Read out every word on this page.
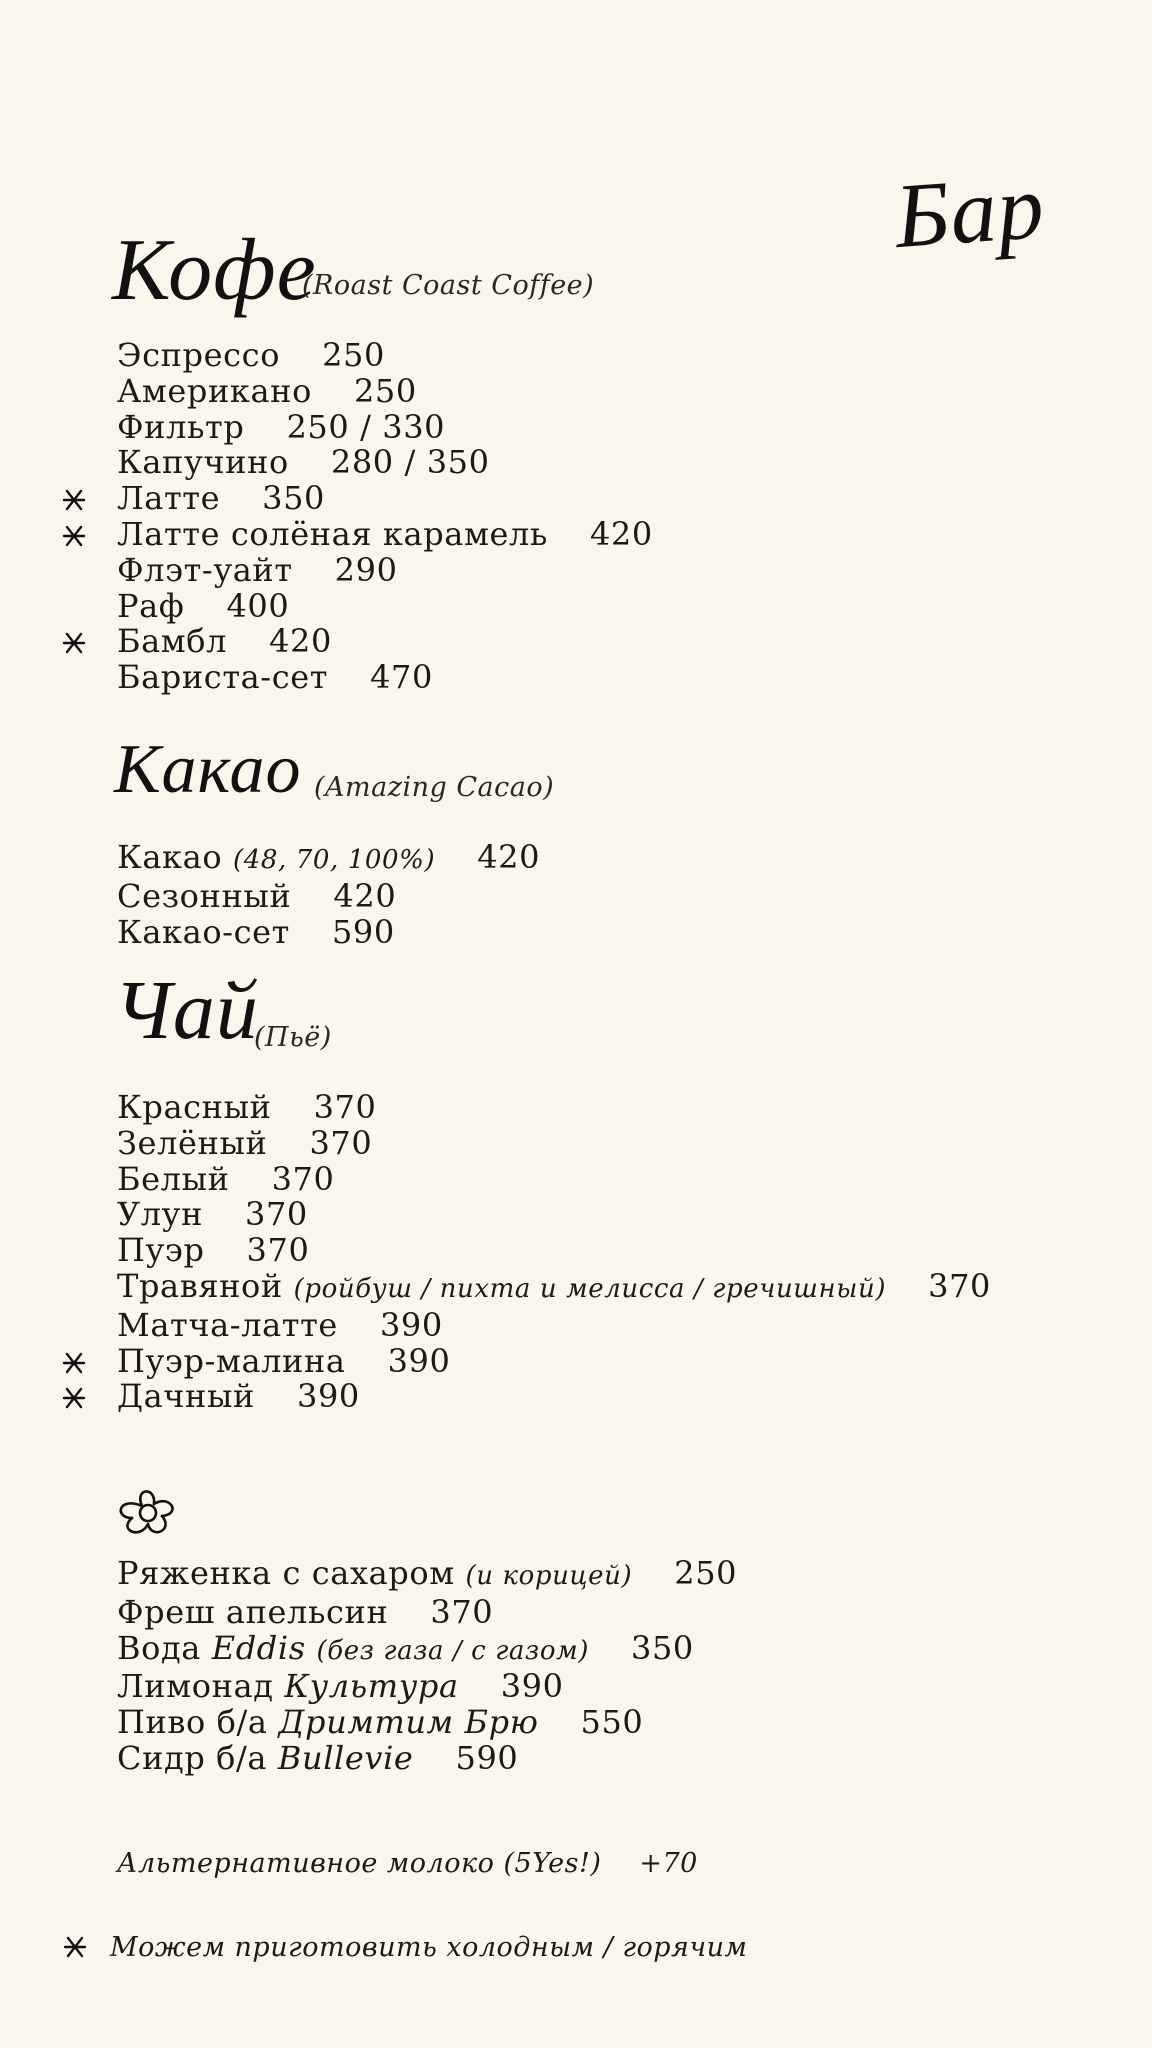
Бар
Кофе
(Roast Coast Coffee)
Эспрессо 250
Американо 250
Фильтр 250 / 330
Капучино 280 / 350
Латте 350
Латте солёная карамель 420
Флэт-уайт 290
Раф 400
Бамбл 420
Бариста-сет 470
Какао (Amazing Cacao)
Какао (48, 70, 100%) 420
Сезонный 420
Какао-сет 590
Чай
(Пьё)
Красный 370
Зелёный 370
Белый 370
Улун 370
Пуэр 370
Травяной (ройбуш / пихта и мелисса / гречишный) 370
Матча-латте 390
Пуэр-малина 390
Дачный 390
Ряженка с сахаром (и корицей) 250
Фреш апельсин 370
Вода Eddis (без газа / с газом) 350
Лимонад Культура 390
Пиво б/а Дримтим Брю 550
Сидр б/а Bullevie 590
Альтернативное молоко (5Yes!) +70
Можем приготовить холодным / горячим
